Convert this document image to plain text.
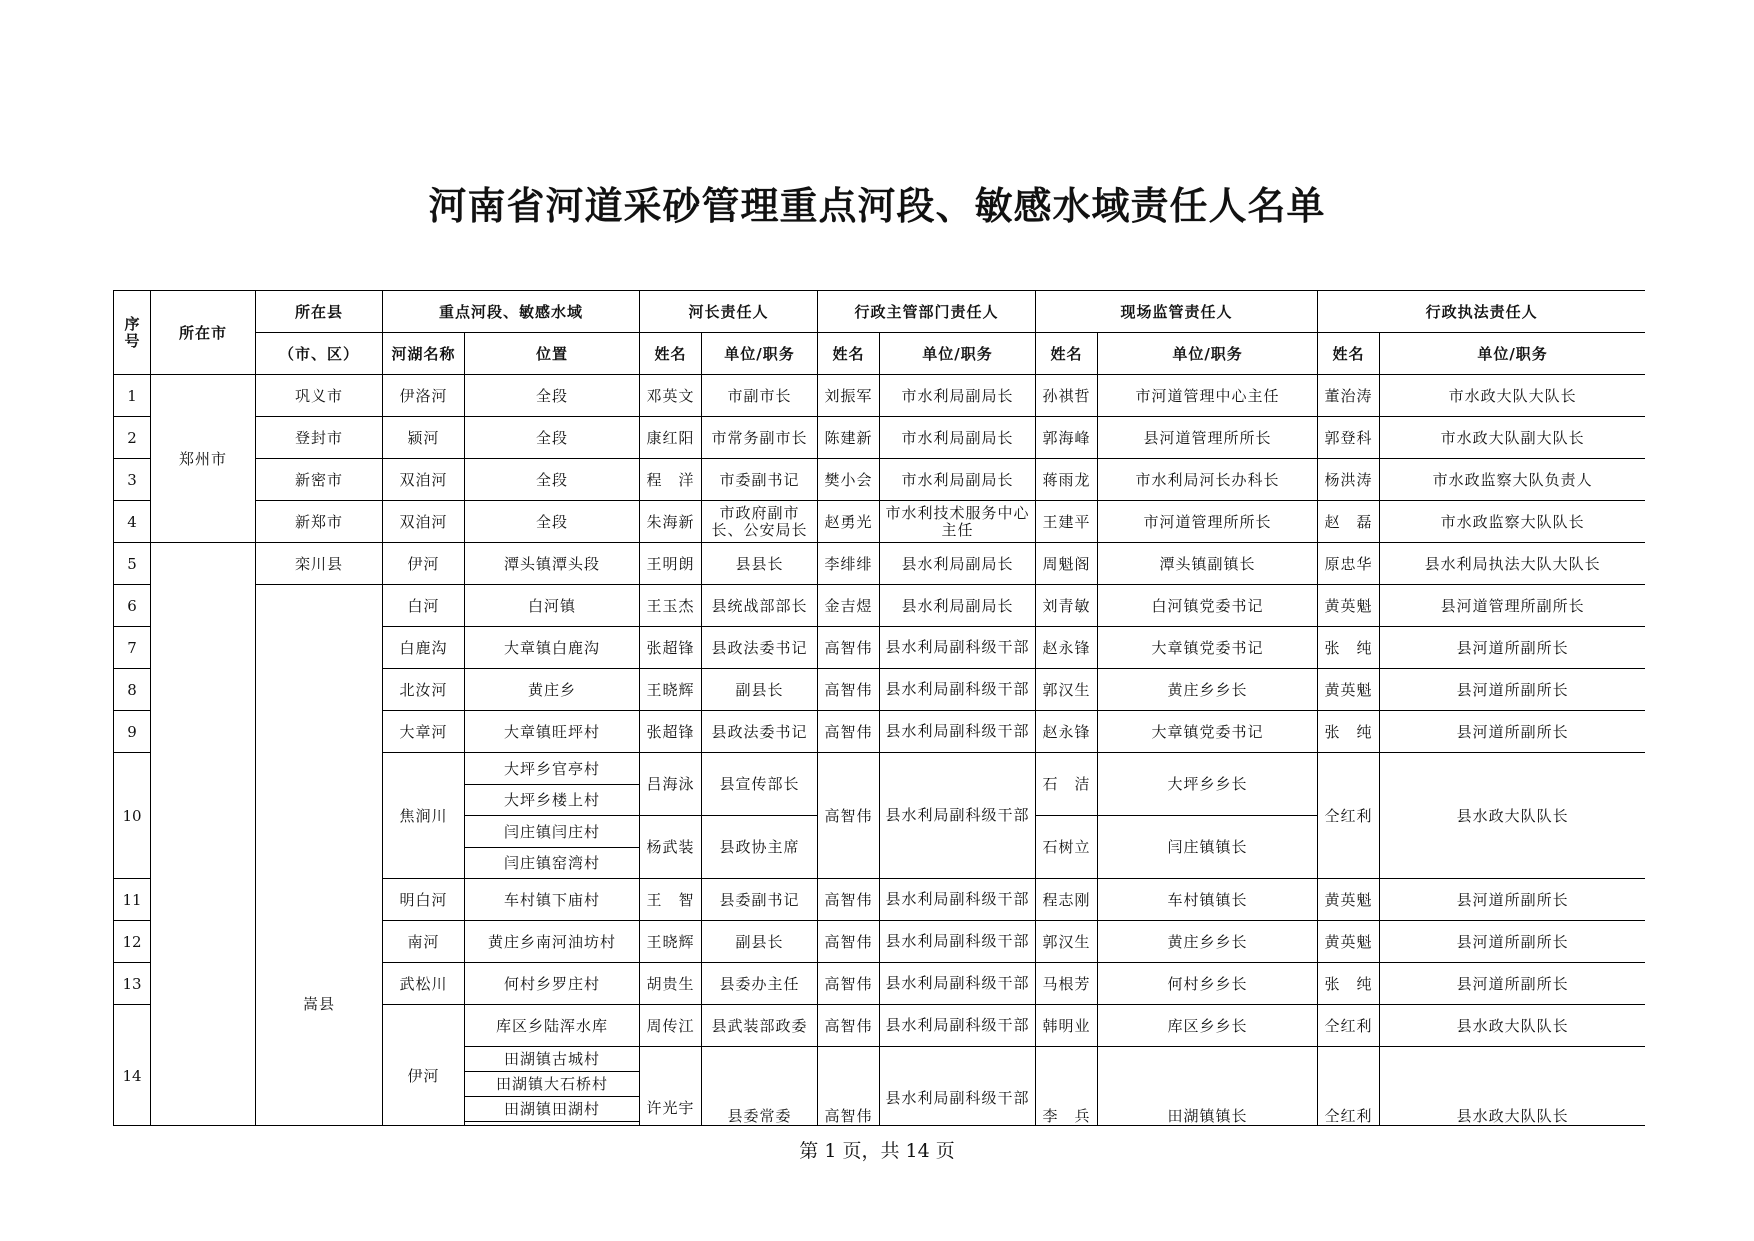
河南省河道采砂管理重点河段、敏感水域责任人名单
序号	所在市	所在县	重点河段、敏感水域		河长责任人		行政主管部门责任人		现场监管责任人		行政执法责任人	
		（市、区）	河湖名称	位置	姓名	单位/职务	姓名	单位/职务	姓名	单位/职务	姓名	单位/职务
1	郑州市	巩义市	伊洛河	全段	邓英文	市副市长	刘振军	市水利局副局长	孙祺哲	市河道管理中心主任	董治涛	市水政大队大队长
2		登封市	颍河	全段	康红阳	市常务副市长	陈建新	市水利局副局长	郭海峰	县河道管理所所长	郭登科	市水政大队副大队长
3		新密市	双洎河	全段	程　洋	市委副书记	樊小会	市水利局副局长	蒋雨龙	市水利局河长办科长	杨洪涛	市水政监察大队负责人
4		新郑市	双洎河	全段	朱海新	市政府副市长、公安局长	赵勇光	市水利技术服务中心主任	王建平	市河道管理所所长	赵　磊	市水政监察大队队长
5		栾川县	伊河	潭头镇潭头段	王明朗	县县长	李绯绯	县水利局副局长	周魁阁	潭头镇副镇长	原忠华	县水利局执法大队大队长
6		嵩县	白河	白河镇	王玉杰	县统战部部长	金吉煜	县水利局副局长	刘青敏	白河镇党委书记	黄英魁	县河道管理所副所长
7			白鹿沟	大章镇白鹿沟	张超锋	县政法委书记	高智伟	县水利局副科级干部	赵永锋	大章镇党委书记	张　纯	县河道所副所长
8			北汝河	黄庄乡	王晓辉	副县长	高智伟	县水利局副科级干部	郭汉生	黄庄乡乡长	黄英魁	县河道所副所长
9			大章河	大章镇旺坪村	张超锋	县政法委书记	高智伟	县水利局副科级干部	赵永锋	大章镇党委书记	张　纯	县河道所副所长
10			焦涧川	大坪乡官亭村	吕海泳	县宣传部长	高智伟	县水利局副科级干部	石　洁	大坪乡乡长	仝红利	县水政大队队长
				大坪乡楼上村								
				闫庄镇闫庄村	杨武装	县政协主席			石树立	闫庄镇镇长		
				闫庄镇窑湾村								
11			明白河	车村镇下庙村	王　智	县委副书记	高智伟	县水利局副科级干部	程志刚	车村镇镇长	黄英魁	县河道所副所长
12			南河	黄庄乡南河油坊村	王晓辉	副县长	高智伟	县水利局副科级干部	郭汉生	黄庄乡乡长	黄英魁	县河道所副所长
13			武松川	何村乡罗庄村	胡贵生	县委办主任	高智伟	县水利局副科级干部	马根芳	何村乡乡长	张　纯	县河道所副所长
14			伊河	库区乡陆浑水库	周传江	县武装部政委	高智伟	县水利局副科级干部	韩明业	库区乡乡长	仝红利	县水政大队队长
				田湖镇古城村	许光宇	县委常委	高智伟	县水利局副科级干部	李　兵	田湖镇镇长	仝红利	县水政大队队长
				田湖镇大石桥村								
				田湖镇田湖村								

第 1 页，共 14 页
